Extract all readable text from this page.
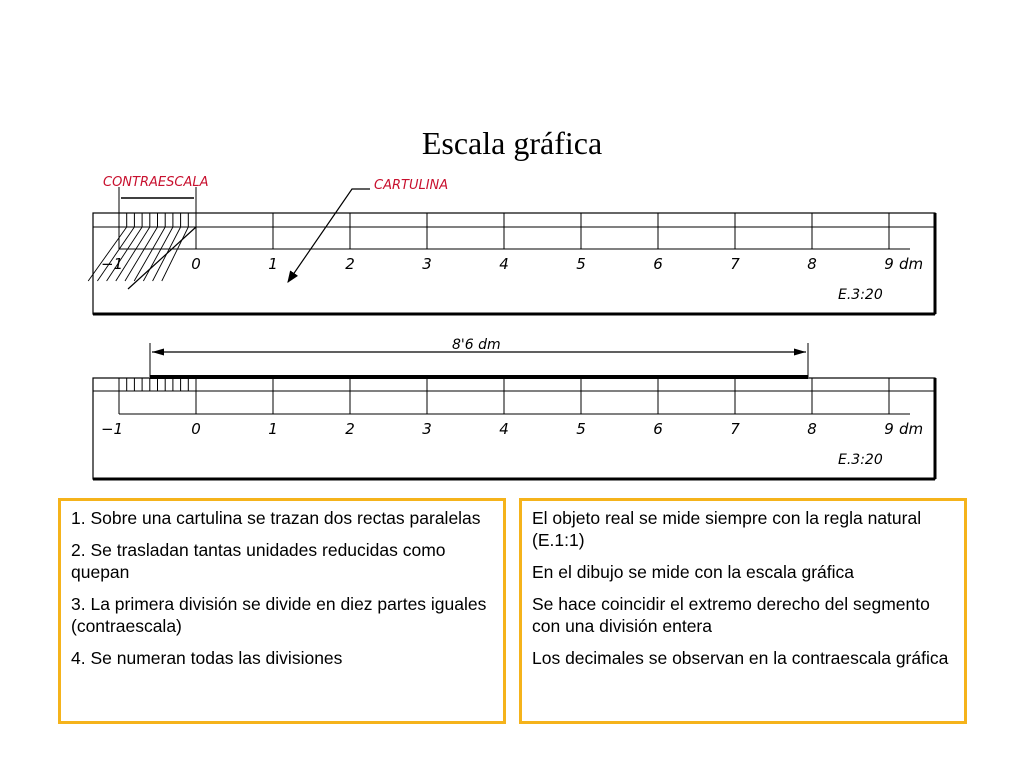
Escala gráfica
CONTRAESCALA	CARTULINA
−1	0	1	2	3	4	5	6	7	8	9 dm
E.3:20
8'6 dm
−1	0	1	2	3	4	5	6	7	8	9 dm
E.3:20

1. Sobre una cartulina se trazan dos rectas paralelas

2. Se trasladan tantas unidades reducidas como quepan

3. La primera división se divide en diez partes iguales (contraescala)

4. Se numeran todas las divisiones

El objeto real se mide siempre con la regla natural (E.1:1)

En el dibujo se mide con la escala gráfica

Se hace coincidir el extremo derecho del segmento con una división entera

Los decimales se observan en la contraescala gráfica
